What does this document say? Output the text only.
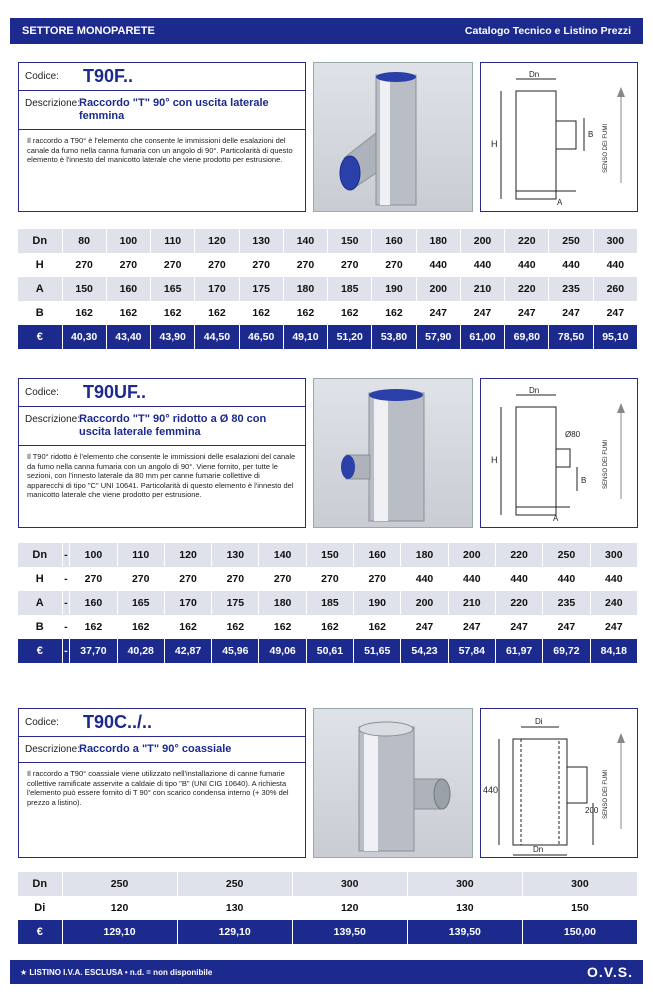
SETTORE MONOPARETE	Catalogo Tecnico e Listino Prezzi
Codice:	T90F..
Descrizione:
Raccordo "T" 90° con uscita laterale femmina
Il raccordo a T90° è l'elemento che consente le immissioni delle esalazioni del canale da fumo nella canna fumaria con un angolo di 90°. Particolarità di questo elemento è l'innesto del manicotto laterale che viene prodotto per estrusione.
Dn
H
A
B SENSO DEI FUMI
Dn	80	100	110	120	130	140	150	160	180	200	220	250	300
H	270	270	270	270	270	270	270	270	440	440	440	440	440
A	150	160	165	170	175	180	185	190	200	210	220	235	260
B	162	162	162	162	162	162	162	162	247	247	247	247	247
€	40,30	43,40	43,90	44,50	46,50	49,10	51,20	53,80	57,90	61,00	69,80	78,50	95,10
Codice:	T90UF..
Descrizione:
Raccordo "T" 90° ridotto a Ø 80 con uscita laterale femmina
Il T90° ridotto è l'elemento che consente le immissioni delle esalazioni del canale da fumo nella canna fumaria con un angolo di 90°. Viene fornito, per tutte le sezioni, con l'innesto laterale da 80 mm per canne fumarie collettive di apparecchi di tipo "C" UNI 10641. Particolarità di questo elemento è l'innesto del manicotto laterale che viene prodotto per estrusione.
Dn
H
A
B
Ø80
SENSO DEI FUMI
Dn	-	100	110	120	130	140	150	160	180	200	220	250	300
H	-	270	270	270	270	270	270	270	440	440	440	440	440
A	-	160	165	170	175	180	185	190	200	210	220	235	240
B	-	162	162	162	162	162	162	162	247	247	247	247	247
€	-	37,70	40,28	42,87	45,96	49,06	50,61	51,65	54,23	57,84	61,97	69,72	84,18
Codice:	T90C../..
Descrizione:
Raccordo a "T" 90° coassiale
Il raccordo a T90° coassiale viene utilizzato nell'installazione di canne fumarie collettive ramificate asservite a caldaie di tipo "B" (UNI CIG 10640). A richiesta l'elemento può essere fornito di T 90° con scarico condensa interno (+ 30% del prezzo a listino).
Di
440
Dn
200 SENSO DEI FUMI
Dn	250	250	300	300	300
Di	120	130	120	130	150
€	129,10	129,10	139,50	139,50	150,00
★ LISTINO I.V.A. ESCLUSA • n.d. = non disponibile	O.V.S.
